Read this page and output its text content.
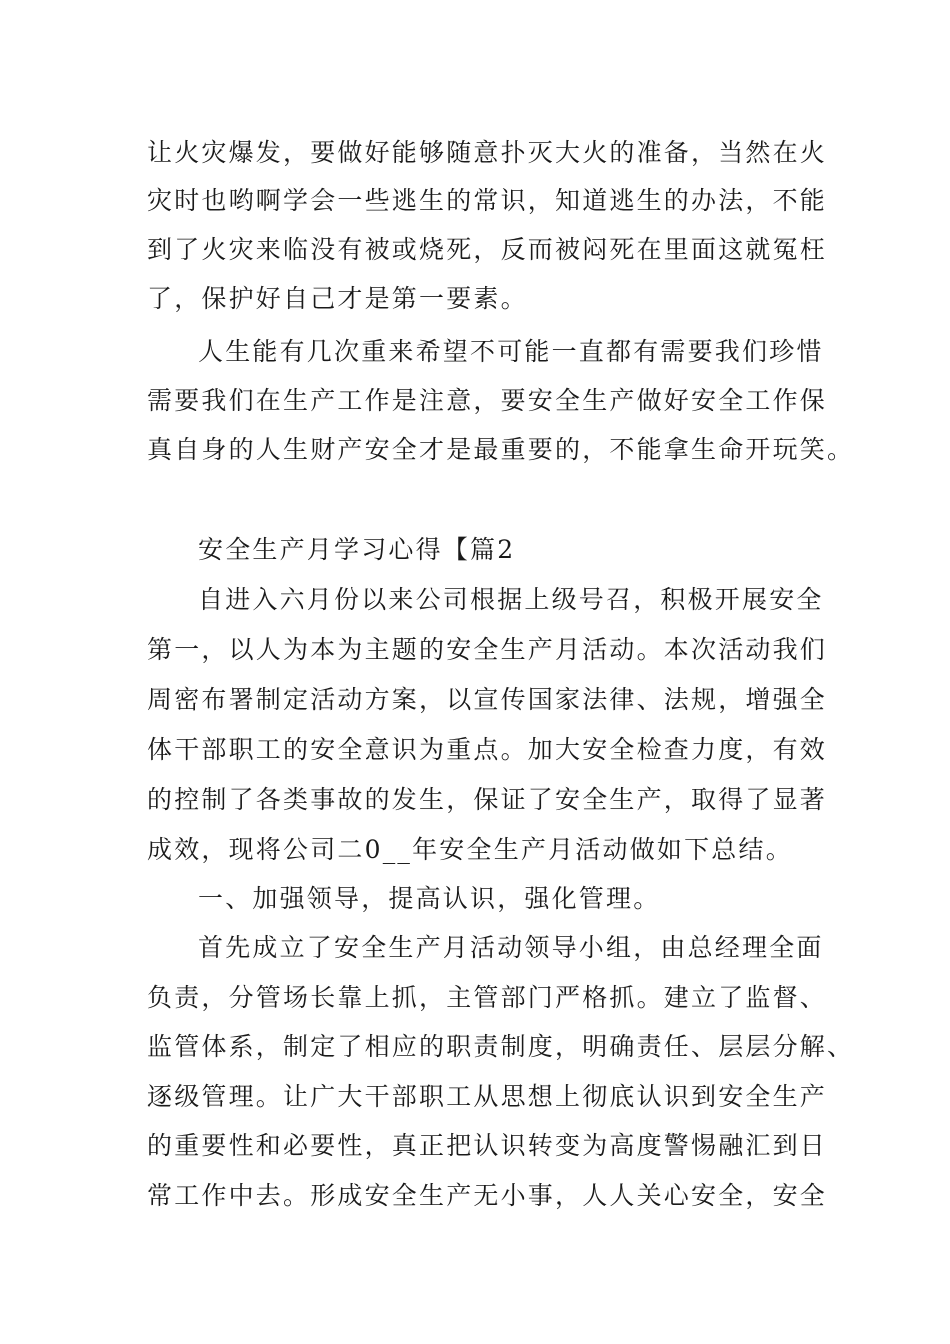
让火灾爆发，要做好能够随意扑灭大火的准备，当然在火
灾时也哟啊学会一些逃生的常识，知道逃生的办法，不能
到了火灾来临没有被或烧死，反而被闷死在里面这就冤枉
了，保护好自己才是第一要素。
人生能有几次重来希望不可能一直都有需要我们珍惜
需要我们在生产工作是注意，要安全生产做好安全工作保
真自身的人生财产安全才是最重要的，不能拿生命开玩笑。
安全生产月学习心得【篇2
自进入六月份以来公司根据上级号召，积极开展安全
第一，以人为本为主题的安全生产月活动。本次活动我们
周密布署制定活动方案，以宣传国家法律、法规，增强全
体干部职工的安全意识为重点。加大安全检查力度，有效
的控制了各类事故的发生，保证了安全生产，取得了显著
成效，现将公司二0__年安全生产月活动做如下总结。
一、加强领导，提高认识，强化管理。
首先成立了安全生产月活动领导小组，由总经理全面
负责，分管场长靠上抓，主管部门严格抓。建立了监督、
监管体系，制定了相应的职责制度，明确责任、层层分解、
逐级管理。让广大干部职工从思想上彻底认识到安全生产
的重要性和必要性，真正把认识转变为高度警惕融汇到日
常工作中去。形成安全生产无小事，人人关心安全，安全
